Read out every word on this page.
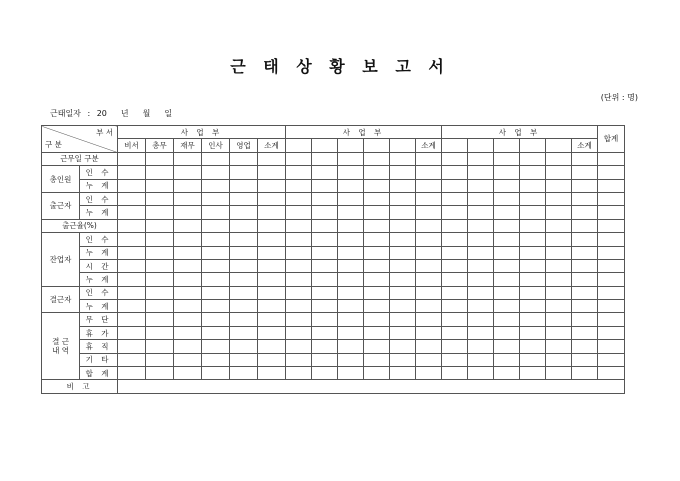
근 태 상 황 보 고 서
(단위 : 명)
근태일자 : 20 년 월 일
부 서
구 분		사 업 부						사 업 부						사 업 부						합계
		비서	총무	재무	인사	영업	소계						소계						소계	
근무일 구분																				
총인원	인 수																			
	누 계																			
출근자	인 수																			
	누 계																			
출근율(%)																				
잔업자	인 수																			
	누 계																			
	시 간																			
	누 계																			
결근자	인 수																			
	누 계																			
결 근
내 역	무 단																			
	휴 가																			
	휴 직																			
	기 타																			
	합 계																			
비 고																				
